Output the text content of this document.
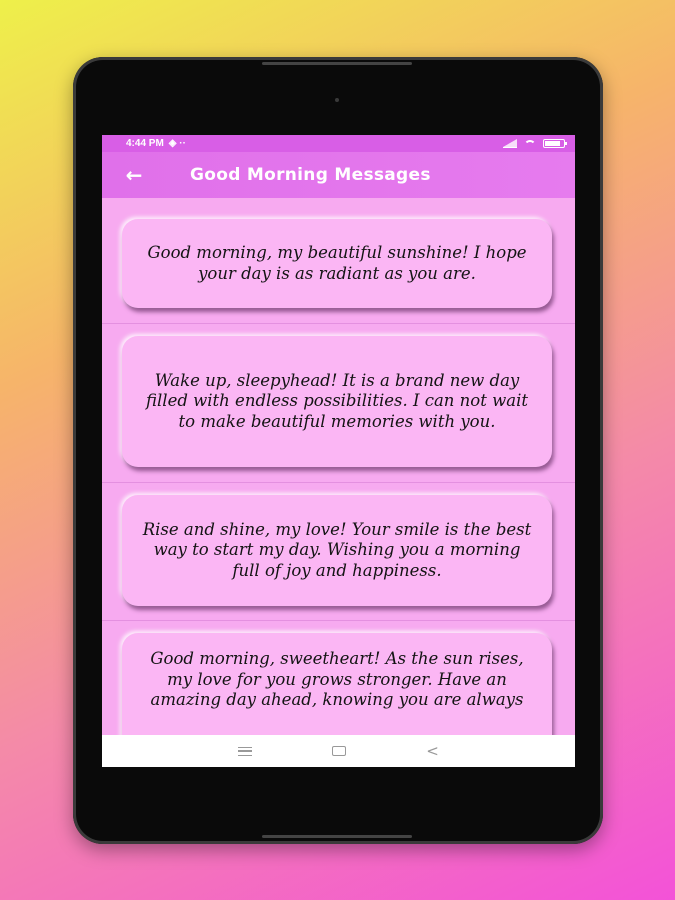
4:44 PM ◈ ··
←	Good Morning Messages
Good morning, my beautiful sunshine! I hope your day is as radiant as you are.
Wake up, sleepyhead! It is a brand new day filled with endless possibilities. I can not wait to make beautiful memories with you.
Rise and shine, my love! Your smile is the best way to start my day. Wishing you a morning full of joy and happiness.
Good morning, sweetheart! As the sun rises, my love for you grows stronger. Have an amazing day ahead, knowing you are always
<
